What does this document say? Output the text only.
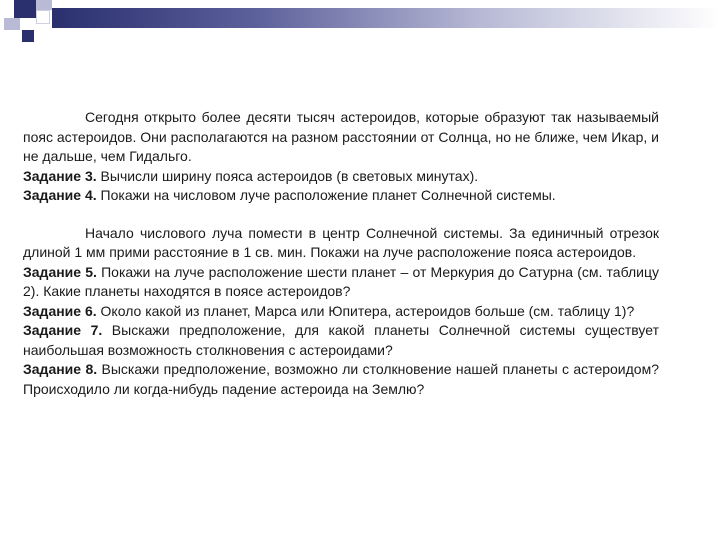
Сегодня открыто более десяти тысяч астероидов, которые образуют так называемый пояс астероидов. Они располагаются на разном расстоянии от Солнца, но не ближе, чем Икар, и не дальше, чем Гидальго.

Задание 3. Вычисли ширину пояса астероидов (в световых минутах).

Задание 4. Покажи на числовом луче расположение планет Солнечной системы.

Начало числового луча помести в центр Солнечной системы. За единичный отрезок длиной 1 мм прими расстояние в 1 св. мин. Покажи на луче расположение пояса астероидов.

Задание 5. Покажи на луче расположение шести планет – от Меркурия до Сатурна (см. таблицу 2). Какие планеты находятся в поясе астероидов?

Задание 6. Около какой из планет, Марса или Юпитера, астероидов больше (см. таблицу 1)?

Задание 7. Выскажи предположение, для какой планеты Солнечной системы существует наибольшая возможность столкновения с астероидами?

Задание 8. Выскажи предположение, возможно ли столкновение нашей планеты с астероидом? Происходило ли когда-нибудь падение астероида на Землю?
